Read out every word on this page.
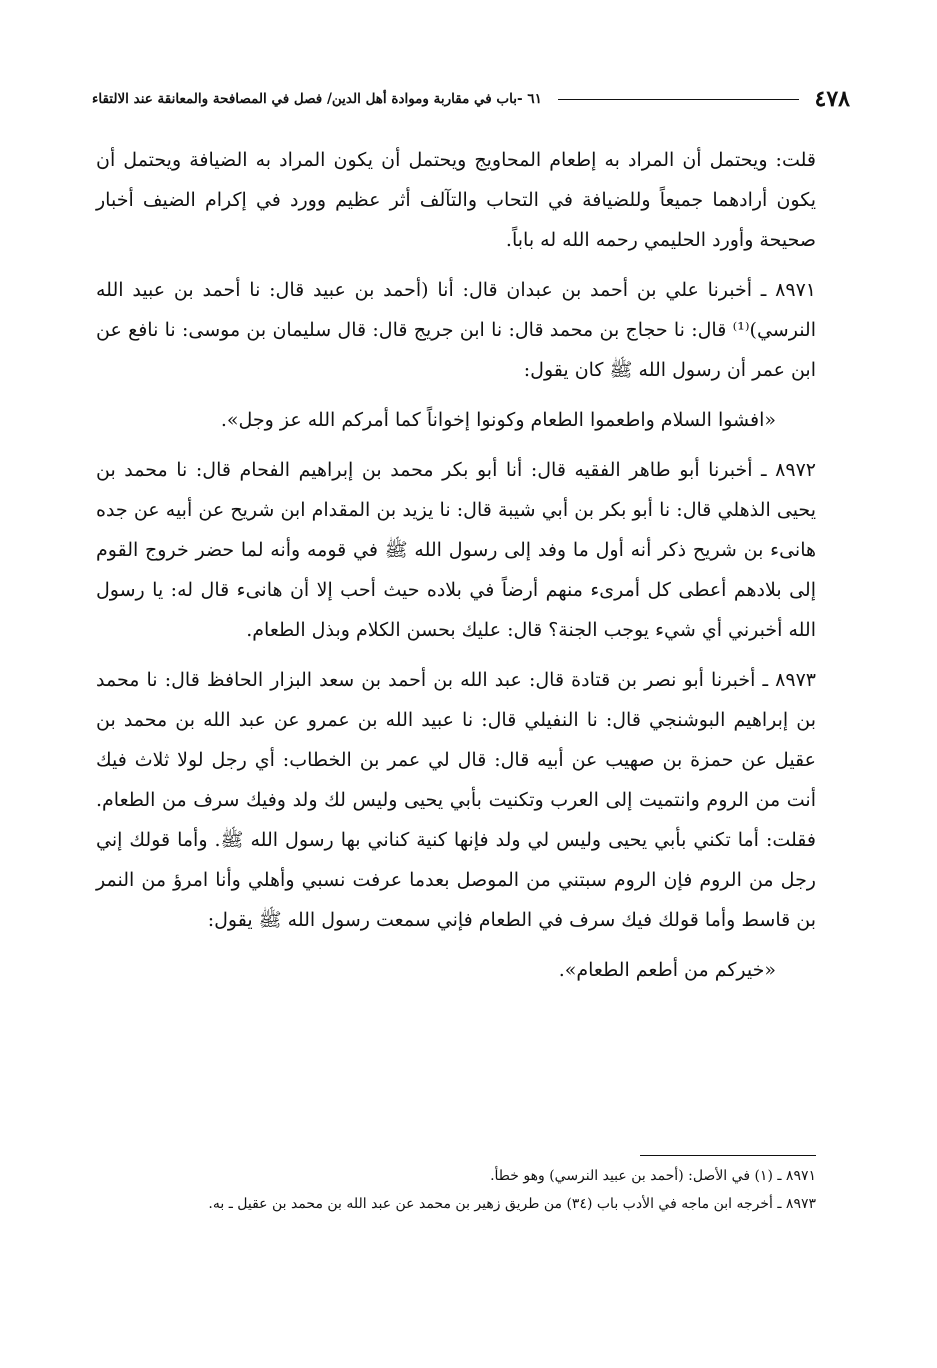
٤٧٨
٦١ -باب في مقاربة وموادة أهل الدين/ فصل في المصافحة والمعانقة عند الالتقاء

قلت: ويحتمل أن المراد به إطعام المحاويج ويحتمل أن يكون المراد به الضيافة ويحتمل أن يكون أرادهما جميعاً وللضيافة في التحاب والتآلف أثر عظيم وورد في إكرام الضيف أخبار صحيحة وأورد الحليمي رحمه الله له باباً.

٨٩٧١ ـ أخبرنا علي بن أحمد بن عبدان قال: أنا (أحمد بن عبيد قال: نا أحمد بن عبيد الله النرسي)⁽¹⁾ قال: نا حجاج بن محمد قال: نا ابن جريج قال: قال سليمان بن موسى: نا نافع عن ابن عمر أن رسول الله ﷺ كان يقول:

«افشوا السلام واطعموا الطعام وكونوا إخواناً كما أمركم الله عز وجل».

٨٩٧٢ ـ أخبرنا أبو طاهر الفقيه قال: أنا أبو بكر محمد بن إبراهيم الفحام قال: نا محمد بن يحيى الذهلي قال: نا أبو بكر بن أبي شيبة قال: نا يزيد بن المقدام ابن شريح عن أبيه عن جده هانىء بن شريح ذكر أنه أول ما وفد إلى رسول الله ﷺ في قومه وأنه لما حضر خروج القوم إلى بلادهم أعطى كل أمرىء منهم أرضاً في بلاده حيث أحب إلا أن هانىء قال له: يا رسول الله أخبرني أي شيء يوجب الجنة؟ قال: عليك بحسن الكلام وبذل الطعام.

٨٩٧٣ ـ أخبرنا أبو نصر بن قتادة قال: عبد الله بن أحمد بن سعد البزار الحافظ قال: نا محمد بن إبراهيم البوشنجي قال: نا النفيلي قال: نا عبيد الله بن عمرو عن عبد الله بن محمد بن عقيل عن حمزة بن صهيب عن أبيه قال: قال لي عمر بن الخطاب: أي رجل لولا ثلاث فيك أنت من الروم وانتميت إلى العرب وتكنيت بأبي يحيى وليس لك ولد وفيك سرف من الطعام. فقلت: أما تكني بأبي يحيى وليس لي ولد فإنها كنية كناني بها رسول الله ﷺ. وأما قولك إني رجل من الروم فإن الروم سبتني من الموصل بعدما عرفت نسبي وأهلي وأنا امرؤ من النمر بن قاسط وأما قولك فيك سرف في الطعام فإني سمعت رسول الله ﷺ يقول:

«خيركم من أطعم الطعام».

٨٩٧١ ـ (١) في الأصل: (أحمد بن عبيد النرسي) وهو خطأ.

٨٩٧٣ ـ أخرجه ابن ماجه في الأدب باب (٣٤) من طريق زهير بن محمد عن عبد الله بن محمد بن عقيل ـ به.
